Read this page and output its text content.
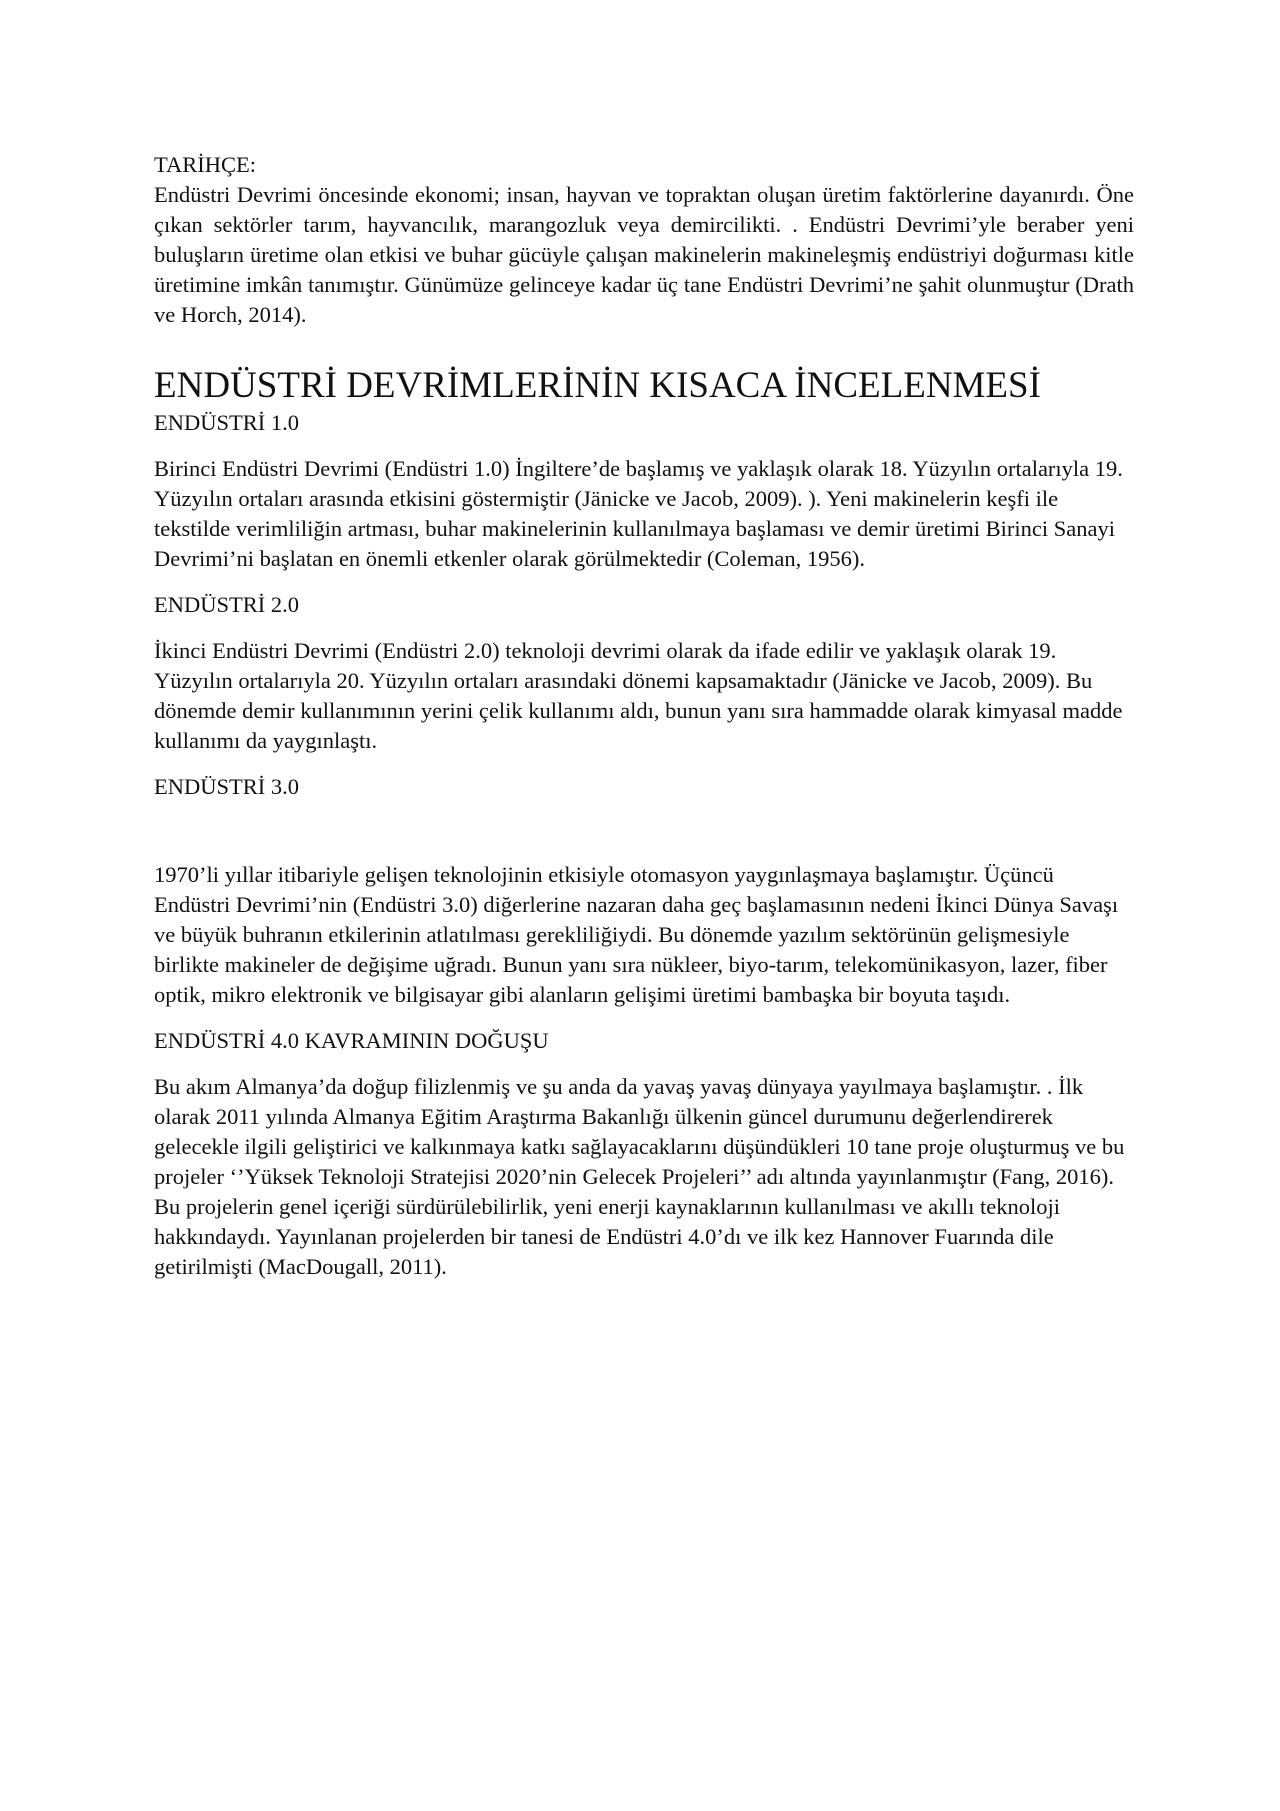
TARİHÇE:

Endüstri Devrimi öncesinde ekonomi; insan, hayvan ve topraktan oluşan üretim faktörlerine dayanırdı. Öne çıkan sektörler tarım, hayvancılık, marangozluk veya demircilikti. . Endüstri Devrimi’yle beraber yeni buluşların üretime olan etkisi ve buhar gücüyle çalışan makinelerin makineleşmiş endüstriyi doğurması kitle üretimine imkân tanımıştır. Günümüze gelinceye kadar üç tane Endüstri Devrimi’ne şahit olunmuştur (Drath ve Horch, 2014).

ENDÜSTRİ DEVRİMLERİNİN KISACA İNCELENMESİ
ENDÜSTRİ 1.0

Birinci Endüstri Devrimi (Endüstri 1.0) İngiltere’de başlamış ve yaklaşık olarak 18. Yüzyılın ortalarıyla 19. Yüzyılın ortaları arasında etkisini göstermiştir (Jänicke ve Jacob, 2009). ). Yeni makinelerin keşfi ile tekstilde verimliliğin artması, buhar makinelerinin kullanılmaya başlaması ve demir üretimi Birinci Sanayi Devrimi’ni başlatan en önemli etkenler olarak görülmektedir (Coleman, 1956).

ENDÜSTRİ 2.0

İkinci Endüstri Devrimi (Endüstri 2.0) teknoloji devrimi olarak da ifade edilir ve yaklaşık olarak 19. Yüzyılın ortalarıyla 20. Yüzyılın ortaları arasındaki dönemi kapsamaktadır (Jänicke ve Jacob, 2009). Bu dönemde demir kullanımının yerini çelik kullanımı aldı, bunun yanı sıra hammadde olarak kimyasal madde kullanımı da yaygınlaştı.

ENDÜSTRİ 3.0

1970’li yıllar itibariyle gelişen teknolojinin etkisiyle otomasyon yaygınlaşmaya başlamıştır. Üçüncü Endüstri Devrimi’nin (Endüstri 3.0) diğerlerine nazaran daha geç başlamasının nedeni İkinci Dünya Savaşı ve büyük buhranın etkilerinin atlatılması gerekliliğiydi. Bu dönemde yazılım sektörünün gelişmesiyle birlikte makineler de değişime uğradı. Bunun yanı sıra nükleer, biyo-tarım, telekomünikasyon, lazer, fiber optik, mikro elektronik ve bilgisayar gibi alanların gelişimi üretimi bambaşka bir boyuta taşıdı.

ENDÜSTRİ 4.0 KAVRAMININ DOĞUŞU

Bu akım Almanya’da doğup filizlenmiş ve şu anda da yavaş yavaş dünyaya yayılmaya başlamıştır. . İlk olarak 2011 yılında Almanya Eğitim Araştırma Bakanlığı ülkenin güncel durumunu değerlendirerek gelecekle ilgili geliştirici ve kalkınmaya katkı sağlayacaklarını düşündükleri 10 tane proje oluşturmuş ve bu projeler ‘’Yüksek Teknoloji Stratejisi 2020’nin Gelecek Projeleri’’ adı altında yayınlanmıştır (Fang, 2016). Bu projelerin genel içeriği sürdürülebilirlik, yeni enerji kaynaklarının kullanılması ve akıllı teknoloji hakkındaydı. Yayınlanan projelerden bir tanesi de Endüstri 4.0’dı ve ilk kez Hannover Fuarında dile getirilmişti (MacDougall, 2011).
